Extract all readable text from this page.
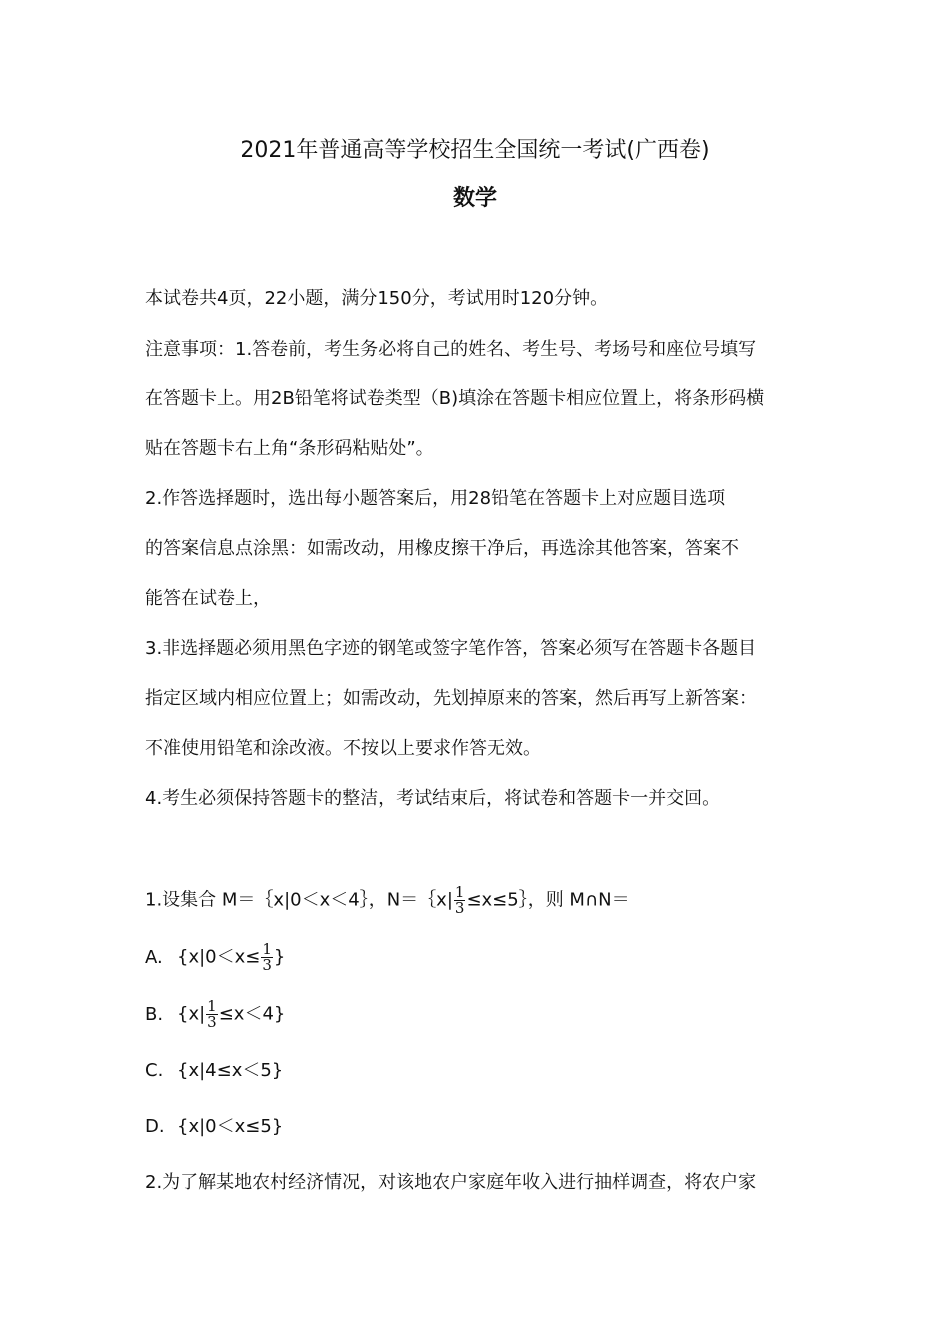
2021年普通高等学校招生全国统一考试(广西卷)
数学
本试卷共4页，22小题，满分150分，考试用时120分钟。
注意事项：1.答卷前，考生务必将自己的姓名、考生号、考场号和座位号填写
在答题卡上。用2B铅笔将试卷类型（B)填涂在答题卡相应位置上，将条形码横
贴在答题卡右上角“条形码粘贴处”。
2.作答选择题时，选出每小题答案后，用28铅笔在答题卡上对应题目选项
的答案信息点涂黑：如需改动，用橡皮擦干净后，再选涂其他答案，答案不
能答在试卷上，
3.非选择题必须用黑色字迹的钢笔或签字笔作答，答案必须写在答题卡各题目
指定区域内相应位置上；如需改动，先划掉原来的答案，然后再写上新答案：
不准使用铅笔和涂改液。不按以上要求作答无效。
4.考生必须保持答题卡的整洁，考试结束后，将试卷和答题卡一并交回。
1.设集合 M＝｛x|0＜x＜4｝，N＝｛x| $\frac{1}{3}$ ≤x≤5｝，则 M∩N＝
A. {$x|0<x\le \frac{1}{3}$ }
B. $\{x| \frac{1}{3} \le x<4\}$
C. {x|4≤x＜5}
D. {x|0＜x≤5}
2.为了解某地农村经济情况，对该地农户家庭年收入进行抽样调查，将农户家
